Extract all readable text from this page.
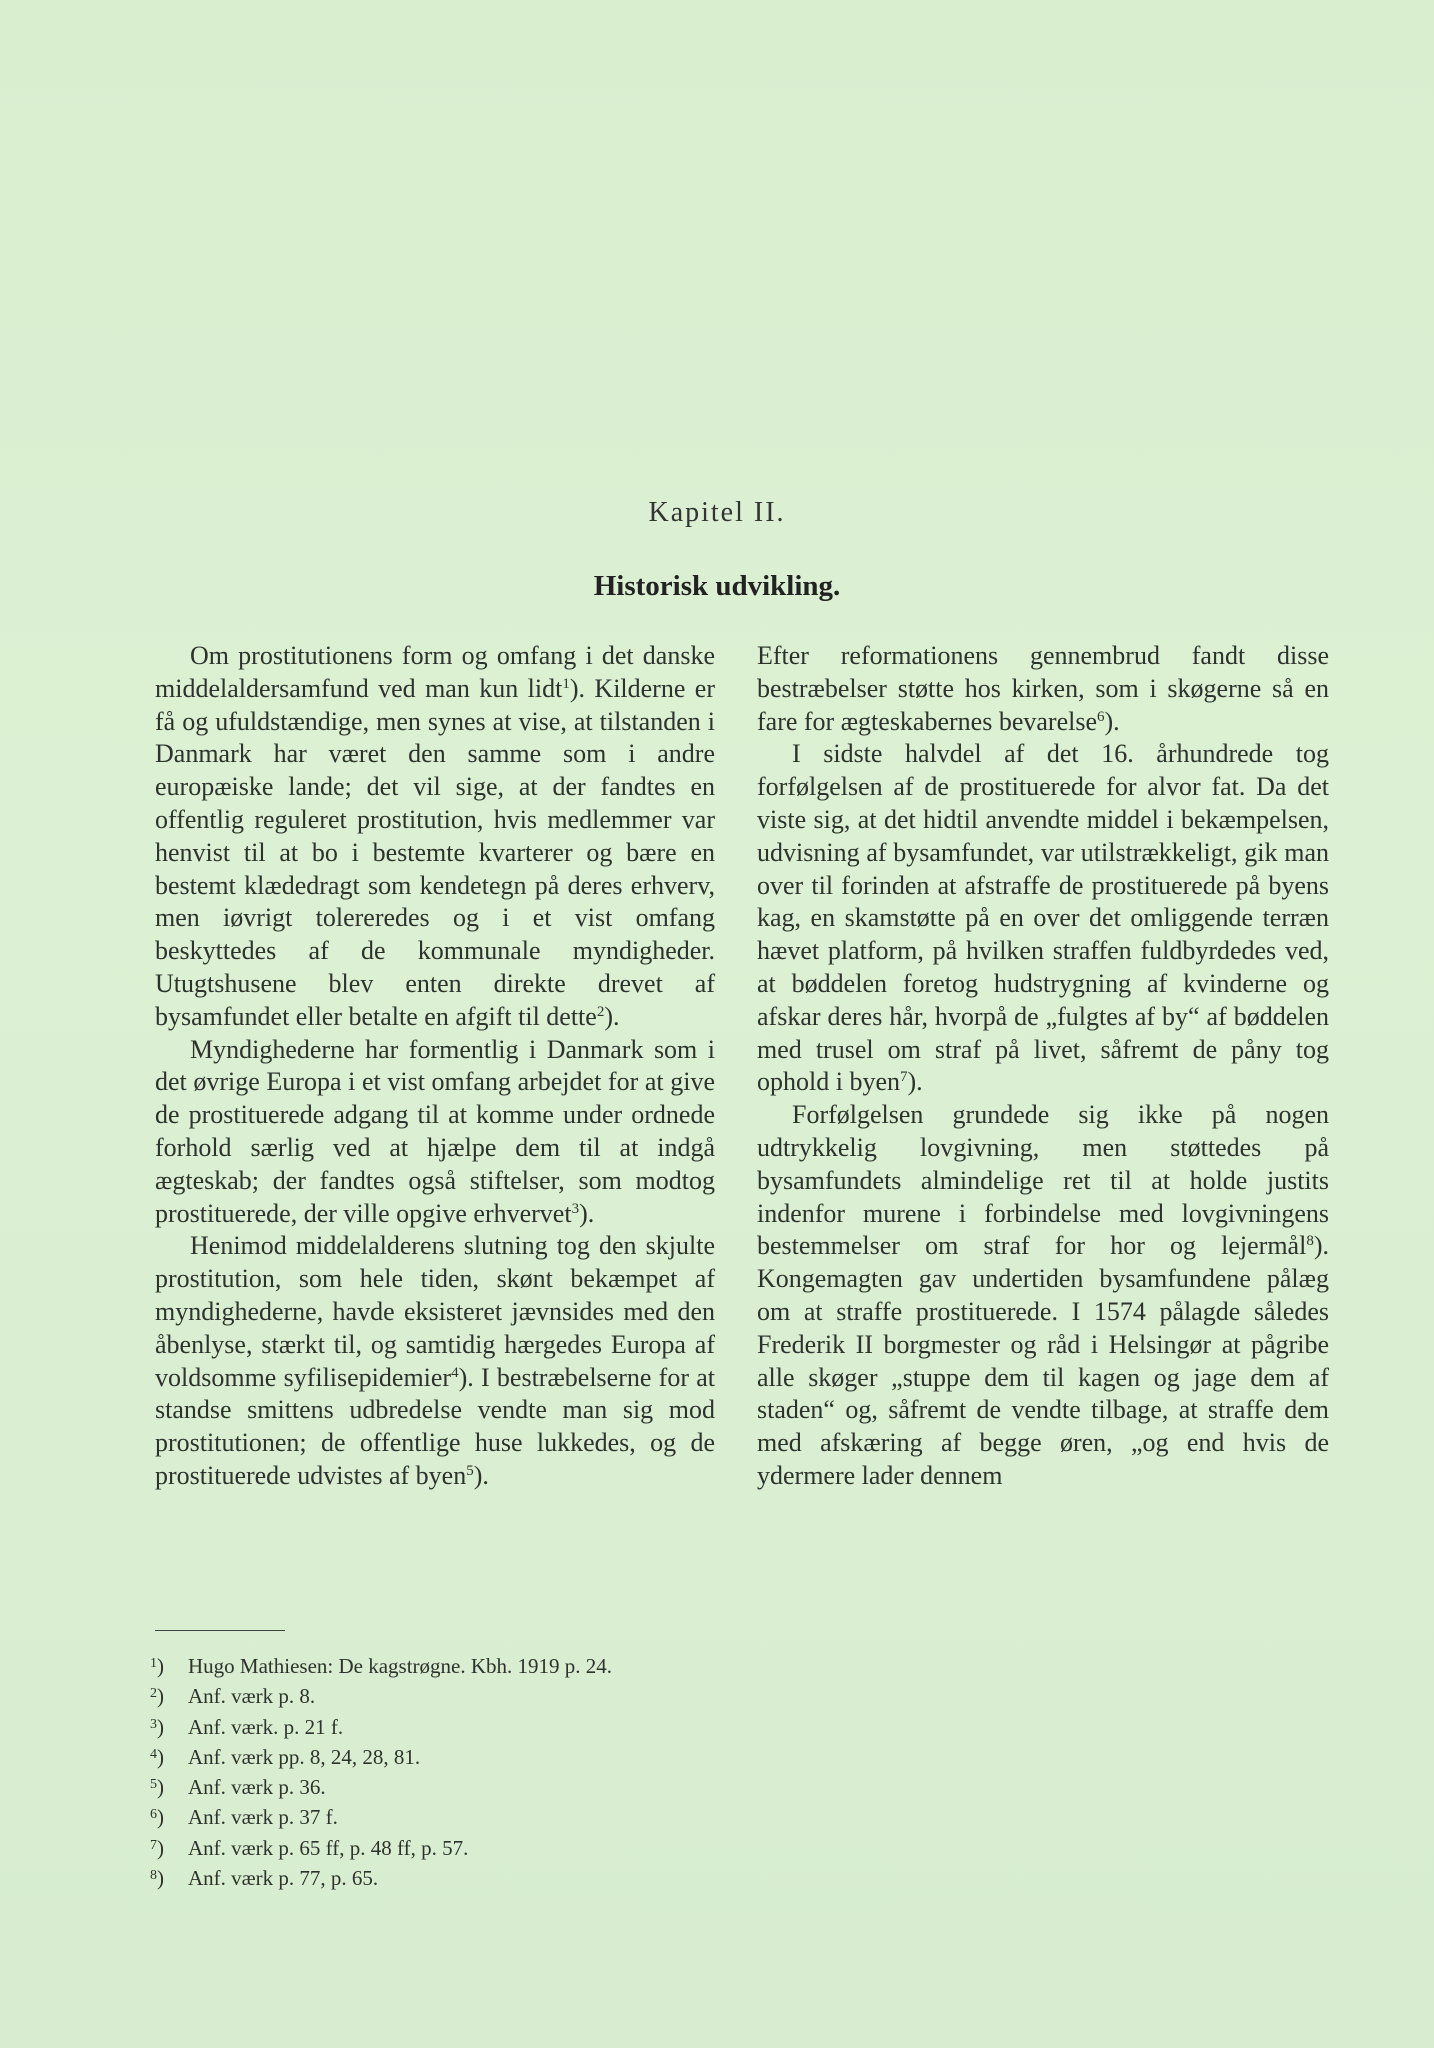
Kapitel II.
Historisk udvikling.

Om prostitutionens form og omfang i det danske middelaldersamfund ved man kun lidt$^1$). Kilderne er få og ufuldstændige, men synes at vise, at tilstanden i Danmark har været den samme som i andre europæiske lande; det vil sige, at der fandtes en offentlig reguleret prostitution, hvis medlemmer var henvist til at bo i bestemte kvarterer og bære en bestemt klædedragt som kendetegn på deres erhverv, men iøvrigt tolereredes og i et vist omfang beskyttedes af de kommunale myndigheder. Utugtshusene blev enten direkte drevet af bysamfundet eller betalte en afgift til dette$^2$).

Myndighederne har formentlig i Danmark som i det øvrige Europa i et vist omfang arbejdet for at give de prostituerede adgang til at komme under ordnede forhold særlig ved at hjælpe dem til at indgå ægteskab; der fandtes også stiftelser, som modtog prostituerede, der ville opgive erhvervet$^3$).

Henimod middelalderens slutning tog den skjulte prostitution, som hele tiden, skønt bekæmpet af myndighederne, havde eksisteret jævnsides med den åbenlyse, stærkt til, og samtidig hærgedes Europa af voldsomme syfilisepidemier$^4$). I bestræbelserne for at standse smittens udbredelse vendte man sig mod prostitutionen; de offentlige huse lukkedes, og de prostituerede udvistes af byen$^5$).

Efter reformationens gennembrud fandt disse bestræbelser støtte hos kirken, som i skøgerne så en fare for ægteskabernes bevarelse$^6$).

I sidste halvdel af det 16. århundrede tog forfølgelsen af de prostituerede for alvor fat. Da det viste sig, at det hidtil anvendte middel i bekæmpelsen, udvisning af bysamfundet, var utilstrækkeligt, gik man over til forinden at afstraffe de prostituerede på byens kag, en skamstøtte på en over det omliggende terræn hævet platform, på hvilken straffen fuldbyrdedes ved, at bøddelen foretog hudstrygning af kvinderne og afskar deres hår, hvorpå de „fulgtes af by“ af bøddelen med trusel om straf på livet, såfremt de påny tog ophold i byen$^7$).

Forfølgelsen grundede sig ikke på nogen udtrykkelig lovgivning, men støttedes på bysamfundets almindelige ret til at holde justits indenfor murene i forbindelse med lovgivningens bestemmelser om straf for hor og lejermål$^8$). Kongemagten gav undertiden bysamfundene pålæg om at straffe prostituerede. I 1574 pålagde således Frederik II borgmester og råd i Helsingør at pågribe alle skøger „stuppe dem til kagen og jage dem af staden“ og, såfremt de vendte tilbage, at straffe dem med afskæring af begge øren, „og end hvis de ydermere lader dennem

$^1$)	Hugo Mathiesen: De kagstrøgne. Kbh. 1919 p. 24.
$^2$)	Anf. værk p. 8.
$^3$)	Anf. værk. p. 21 f.
$^4$)	Anf. værk pp. 8, 24, 28, 81.
$^5$)	Anf. værk p. 36.
$^6$)	Anf. værk p. 37 f.
$^7$)	Anf. værk p. 65 ff, p. 48 ff, p. 57.
$^8$)	Anf. værk p. 77, p. 65.
